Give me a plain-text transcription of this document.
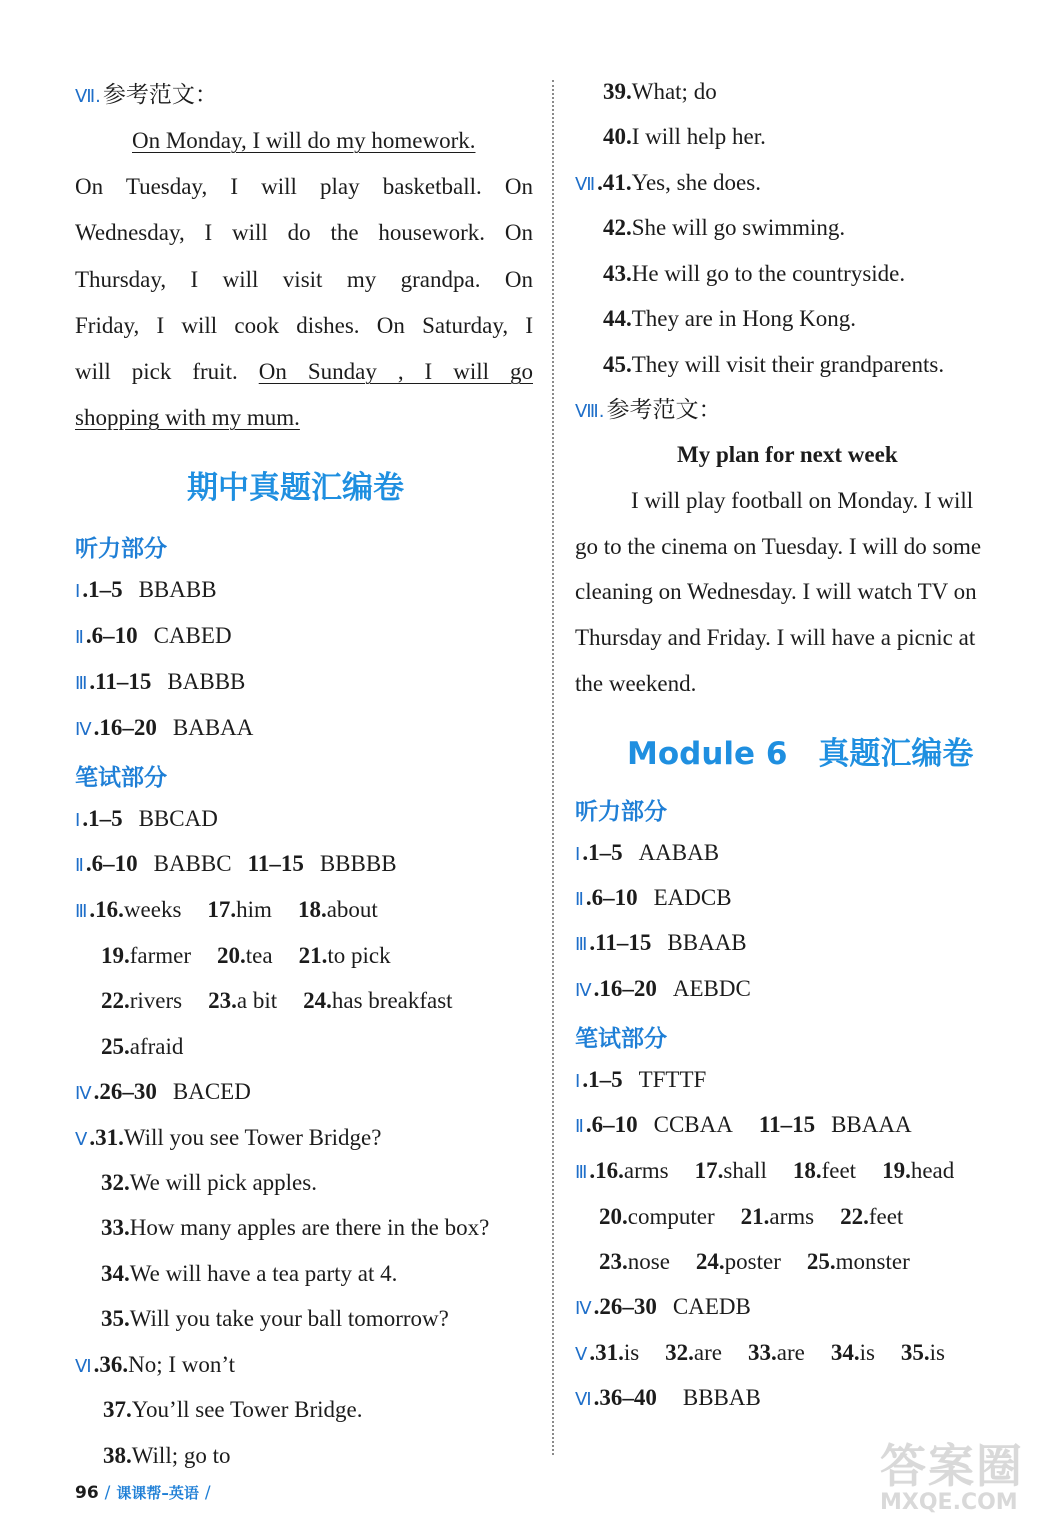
Ⅶ.参考范文：
On Monday, I will do my homework.
On Tuesday, I will play basketball. On
Wednesday, I will do the housework. On
Thursday, I will visit my grandpa. On
Friday, I will cook dishes. On Saturday, I
will pick fruit. On Sunday , I will go
shopping with my mum.
期中真题汇编卷
听力部分
Ⅰ.1–5 BBABB
Ⅱ.6–10 CABED
Ⅲ.11–15 BABBB
Ⅳ.16–20 BABAA
笔试部分
Ⅰ.1–5 BBCAD
Ⅱ.6–10 BABBC 11–15 BBBBB
Ⅲ.16.weeks 17.him 18.about
19.farmer 20.tea 21.to pick
22.rivers 23.a bit 24.has breakfast
25.afraid
Ⅳ.26–30 BACED
Ⅴ.31.Will you see Tower Bridge?
32.We will pick apples.
33.How many apples are there in the box?
34.We will have a tea party at 4.
35.Will you take your ball tomorrow?
Ⅵ.36.No; I won’t
37.You’ll see Tower Bridge.
38.Will; go to
39.What; do
40.I will help her.
Ⅶ.41.Yes, she does.
42.She will go swimming.
43.He will go to the countryside.
44.They are in Hong Kong.
45.They will visit their grandparents.
Ⅷ.参考范文：
My plan for next week
I will play football on Monday. I will
go to the cinema on Tuesday. I will do some
cleaning on Wednesday. I will watch TV on
Thursday and Friday. I will have a picnic at
the weekend.
Module 6　真题汇编卷
听力部分
Ⅰ.1–5 AABAB
Ⅱ.6–10 EADCB
Ⅲ.11–15 BBAAB
Ⅳ.16–20 AEBDC
笔试部分
Ⅰ.1–5 TFTTF
Ⅱ.6–10 CCBAA 11–15 BBAAA
Ⅲ.16.arms 17.shall 18.feet 19.head
20.computer 21.arms 22.feet
23.nose 24.poster 25.monster
Ⅳ.26–30 CAEDB
Ⅴ.31.is 32.are 33.are 34.is 35.is
Ⅵ.36–40 BBBAB
96 / 课课帮–英语 /	答案圈
MXQE.COM
